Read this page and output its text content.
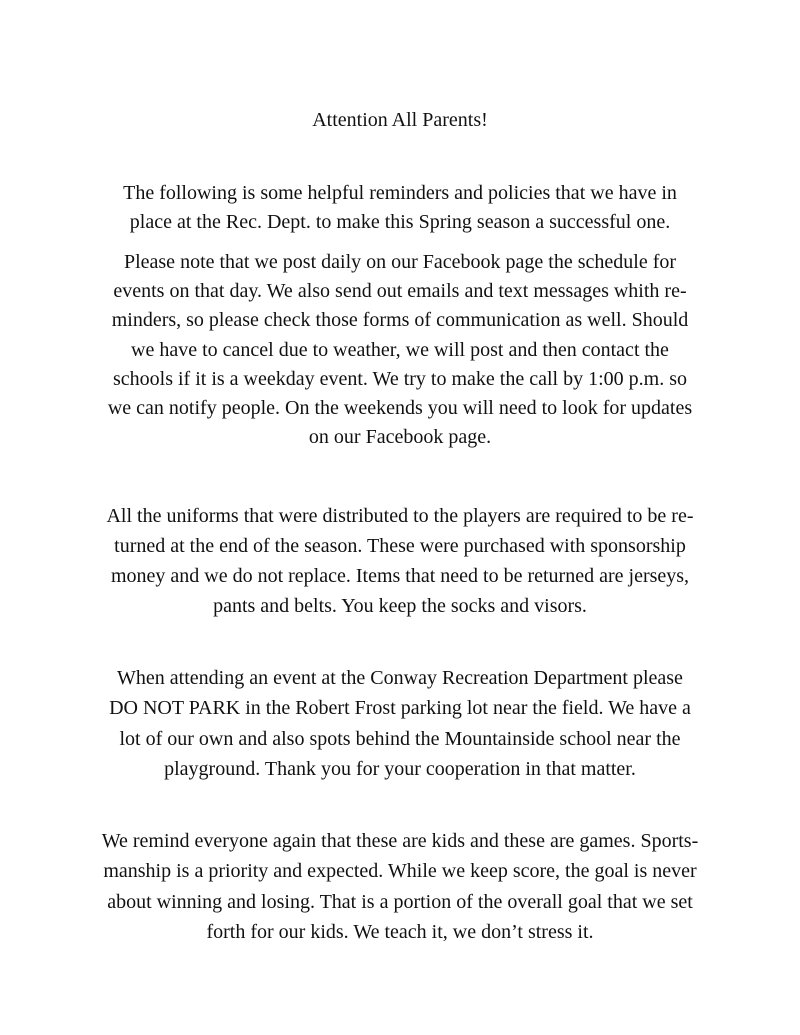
Attention All Parents!
The following is some helpful reminders and policies that we have in
place at the Rec. Dept. to make this Spring season a successful one.
Please note that we post daily on our Facebook page the schedule for
events on that day. We also send out emails and text messages whith re-
minders, so please check those forms of communication as well. Should
we have to cancel due to weather, we will post and then contact the
schools if it is a weekday event. We try to make the call by 1:00 p.m. so
we can notify people. On the weekends you will need to look for updates
on our Facebook page.
All the uniforms that were distributed to the players are required to be re-
turned at the end of the season. These were purchased with sponsorship
money and we do not replace. Items that need to be returned are jerseys,
pants and belts. You keep the socks and visors.
When attending an event at the Conway Recreation Department please
DO NOT PARK in the Robert Frost parking lot near the field. We have a
lot of our own and also spots behind the Mountainside school near the
playground. Thank you for your cooperation in that matter.
We remind everyone again that these are kids and these are games. Sports-
manship is a priority and expected. While we keep score, the goal is never
about winning and losing. That is a portion of the overall goal that we set
forth for our kids. We teach it, we don’t stress it.
